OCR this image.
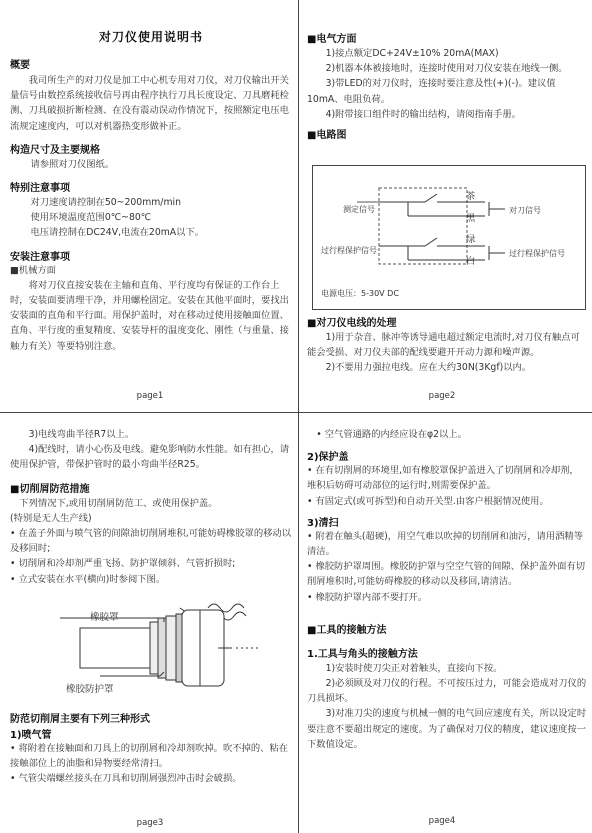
对刀仪使用说明书
概要

我司所生产的对刀仪是加工中心机专用对刀仪，对刀仪输出开关量信号由数控系统接收信号再由程序执行刀具长度设定、刀具磨耗检测、刀具破损折断检测、在没有震动误动作情况下，按照额定电压电流规定速度内，可以对机器热变形做补正。

构造尺寸及主要规格

请参照对刀仪图纸。

特别注意事项
对刀速度请控制在50~200mm/min
使用环境温度范围0℃~80℃
电压请控制在DC24V,电流在20mA以下。
安装注意事项
■机械方面

将对刀仪直接安装在主轴和直角、平行度均有保证的工作台上时，安装面要清理干净，并用螺栓固定。安装在其他平面时，要找出安装面的直角和平行面。用保护盖时，对在移动过使用接触面位置、直角、平行度的重复精度、安装导杆的温度变化、刚性（与重量、接触力有关）等要特别注意。

page1
■电气方面

1)接点额定DC+24V±10% 20mA(MAX)

2)机器本体被接地时，连接时使用对刀仪安装在地线一侧。

3)带LED的对刀仪时，连接时要注意及性(+)(-)。建议值10mA、电阻负荷。

4)附带接口组件时的输出结构，请阅指南手册。

■电路图
测定信号
过行程保护信号
茶
黑
绿
白
对刀信号
过行程保护信号
电源电压：5-30V DC
■对刀仪电线的处理

1)用于杂音、脉冲等诱导通电超过额定电流时,对刀仪有触点可能会受损、对刀仪夫部的配线要避开开动力源和噪声源。

2)不要用力强拉电线。应在大约30N(3Kgf)以内。

page2

3)电线弯曲半径R7以上。

4)配线时，请小心伤及电线。避免影响防水性能。如有担心，请使用保护管，带保护管时的最小弯曲半径R25。

■切削屑防范措施

下列情况下,或用切削屑防范工、或使用保护盖。

(特别是无人生产线)

• 在盖子外面与喷气管的间隙油切削屑堆积,可能妨碍橡胶罩的移动以及移回时;

• 切削屑和冷却剂严重飞扬、防护罩倾斜、气管折损时;

• 立式安装在水平(横向)时参阅下图。

橡胶罩
橡胶防护罩
防范切削屑主要有下列三种形式
1)喷气管

• 将附着在接触面和刀具上的切削屑和冷却剂吹掉。吹不掉的、粘在接触部位上的油脂和异物要经常清扫。

• 气管尖端螺丝接头在刀具和切削屑强烈冲击时会破损。

page3

• 空气管通路的内经应设在φ2以上。

2)保护盖

• 在有切削屑的环境里,如有橡胶罩保护盖进入了切削屑和冷却剂，堆积后妨碍可动部位的运行时,则需要保护盖。

• 有固定式(或可拆型)和自动开关型.由客户根据情况使用。

3)清扫

• 附着在触头(超硬)，用空气难以吹掉的切削屑和油污，请用酒精等清洁。

• 橡胶防护罩周围。橡胶防护罩与空空气管的间隙、保护盖外面有切削屑堆积时,可能妨碍橡胶的移动以及移回,请清洁。

• 橡胶防护罩内部不要打开。

■工具的接触方法
1.工具与角头的接触方法

1)安装时使刀尖正对着触头，直接向下按。

2)必须顾及对刀仪的行程。不可按压过力，可能会造成对刀仪的刀具损坏。

3)对准刀尖的速度与机械一侧的电气回应速度有关，所以设定时要注意不要超出规定的速度。为了确保对刀仪的精度，建议速度按一下数值设定。

page4
